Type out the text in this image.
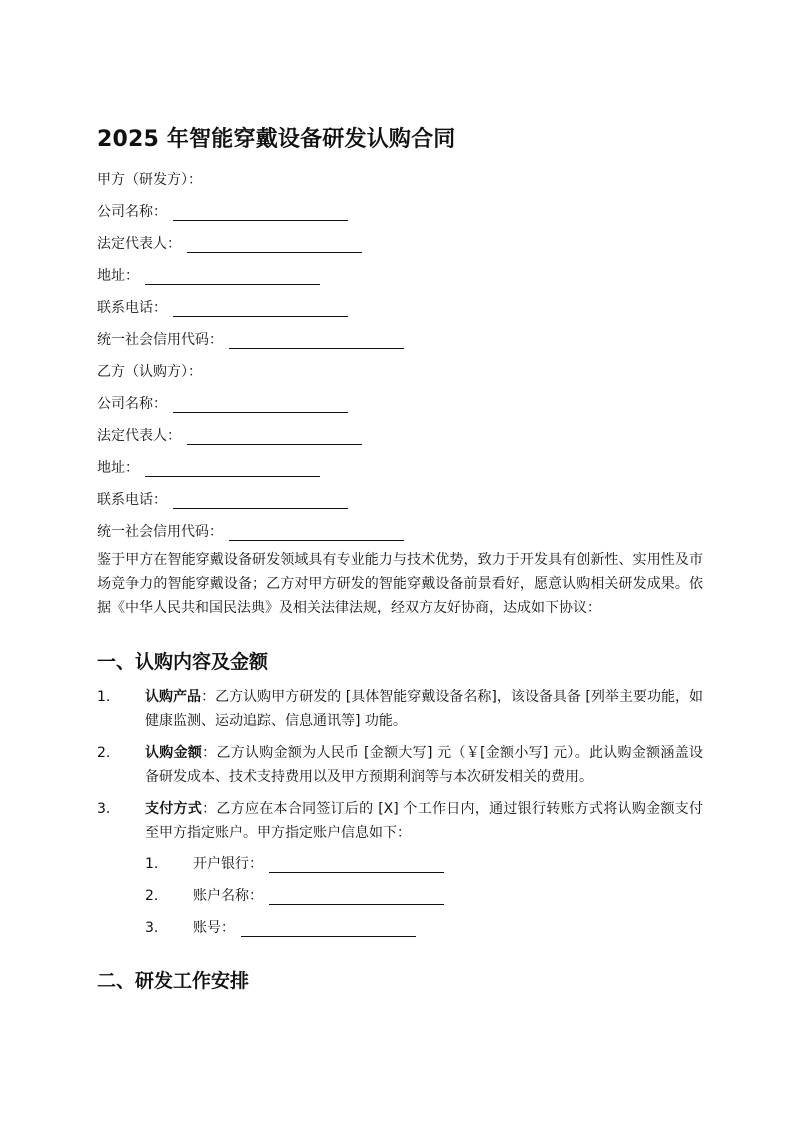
2025 年智能穿戴设备研发认购合同
甲方（研发方）：
公司名称：
法定代表人：
地址：
联系电话：
统一社会信用代码：
乙方（认购方）：
公司名称：
法定代表人：
地址：
联系电话：
统一社会信用代码：

鉴于甲方在智能穿戴设备研发领域具有专业能力与技术优势，致力于开发具有创新性、实用性及市场竞争力的智能穿戴设备；乙方对甲方研发的智能穿戴设备前景看好，愿意认购相关研发成果。依据《中华人民共和国民法典》及相关法律法规，经双方友好协商，达成如下协议：

一、认购内容及金额
1. 认购产品：乙方认购甲方研发的 [具体智能穿戴设备名称]，该设备具备 [列举主要功能，如健康监测、运动追踪、信息通讯等] 功能。
2. 认购金额：乙方认购金额为人民币 [金额大写] 元（￥[金额小写] 元）。此认购金额涵盖设备研发成本、技术支持费用以及甲方预期利润等与本次研发相关的费用。
3. 支付方式：乙方应在本合同签订后的 [X] 个工作日内，通过银行转账方式将认购金额支付至甲方指定账户。甲方指定账户信息如下：
1.	开户银行：
2.	账户名称：
3.	账号：
二、研发工作安排
